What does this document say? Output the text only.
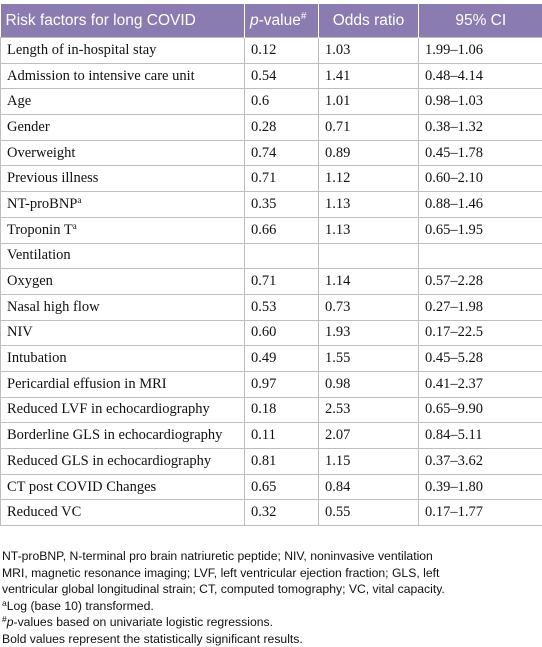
Risk factors for long COVID	p-value#	Odds ratio	95% CI
Length of in-hospital stay	0.12	1.03	1.99–1.06
Admission to intensive care unit	0.54	1.41	0.48–4.14
Age	0.6	1.01	0.98–1.03
Gender	0.28	0.71	0.38–1.32
Overweight	0.74	0.89	0.45–1.78
Previous illness	0.71	1.12	0.60–2.10
NT-proBNP$^a$	0.35	1.13	0.88–1.46
Troponin $T^a$	0.66	1.13	0.65–1.95
Ventilation			
Oxygen	0.71	1.14	0.57–2.28
Nasal high flow	0.53	0.73	0.27–1.98
NIV	0.60	1.93	0.17–22.5
Intubation	0.49	1.55	0.45–5.28
Pericardial effusion in MRI	0.97	0.98	0.41–2.37
Reduced LVF in echocardiography	0.18	2.53	0.65–9.90
Borderline GLS in echocardiography	0.11	2.07	0.84–5.11
Reduced GLS in echocardiography	0.81	1.15	0.37–3.62
CT post COVID Changes	0.65	0.84	0.39–1.80
Reduced VC	0.32	0.55	0.17–1.77

NT-proBNP, N-terminal pro brain natriuretic peptide; NIV, noninvasive ventilation

MRI, magnetic resonance imaging; LVF, left ventricular ejection fraction; GLS, left

ventricular global longitudinal strain; CT, computed tomography; VC, vital capacity.

$^a$Log (base 10) transformed.

#p-values based on univariate logistic regressions.

Bold values represent the statistically significant results.
